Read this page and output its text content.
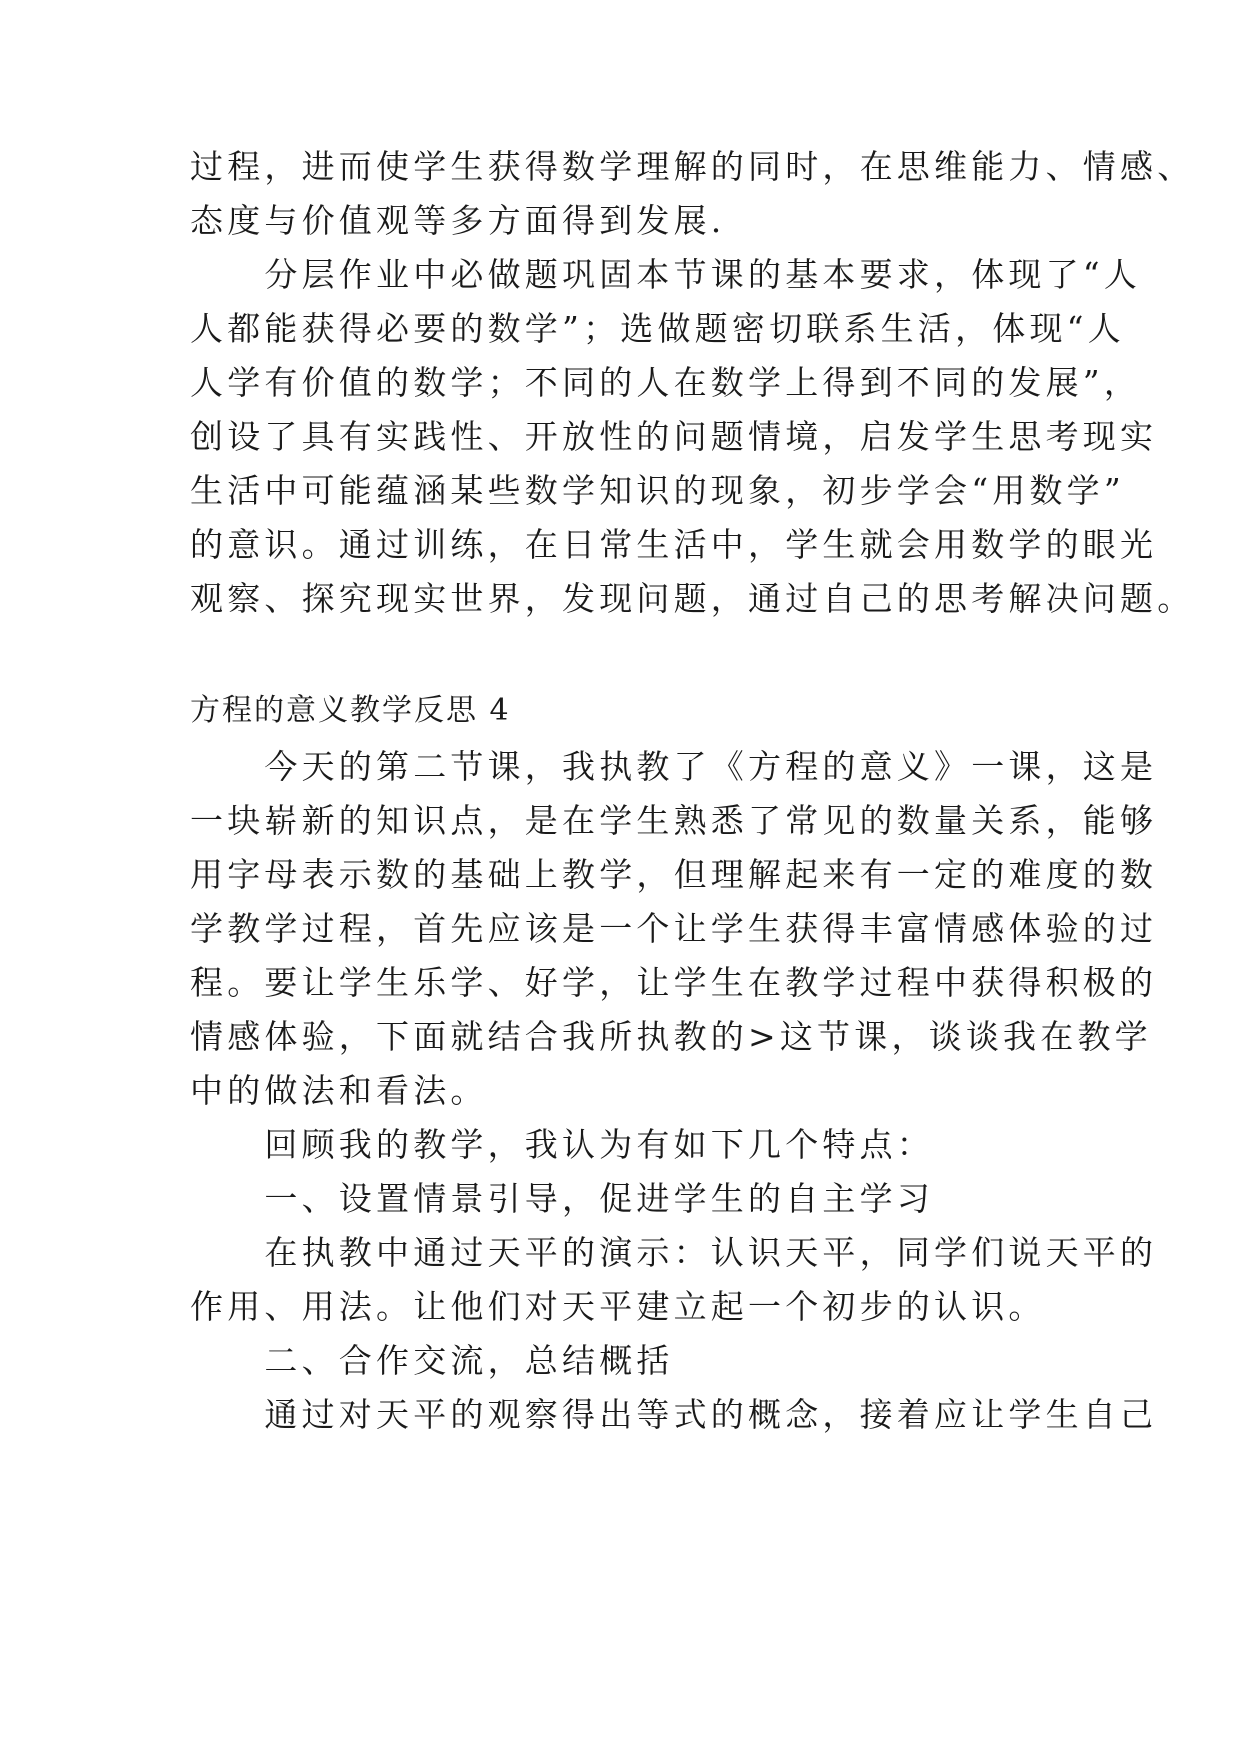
过程，进而使学生获得数学理解的同时，在思维能力、情感、
态度与价值观等多方面得到发展.
　　分层作业中必做题巩固本节课的基本要求，体现了“人
人都能获得必要的数学”；选做题密切联系生活，体现“人
人学有价值的数学；不同的人在数学上得到不同的发展”，
创设了具有实践性、开放性的问题情境，启发学生思考现实
生活中可能蕴涵某些数学知识的现象，初步学会“用数学”
的意识。通过训练，在日常生活中，学生就会用数学的眼光
观察、探究现实世界，发现问题，通过自己的思考解决问题。
方程的意义教学反思 4
　　今天的第二节课，我执教了《方程的意义》一课，这是
一块崭新的知识点，是在学生熟悉了常见的数量关系，能够
用字母表示数的基础上教学，但理解起来有一定的难度的数
学教学过程，首先应该是一个让学生获得丰富情感体验的过
程。要让学生乐学、好学，让学生在教学过程中获得积极的
情感体验，下面就结合我所执教的>这节课，谈谈我在教学
中的做法和看法。
　　回顾我的教学，我认为有如下几个特点：
　　一、设置情景引导，促进学生的自主学习
　　在执教中通过天平的演示：认识天平，同学们说天平的
作用、用法。让他们对天平建立起一个初步的认识。
　　二、合作交流，总结概括
　　通过对天平的观察得出等式的概念，接着应让学生自己
